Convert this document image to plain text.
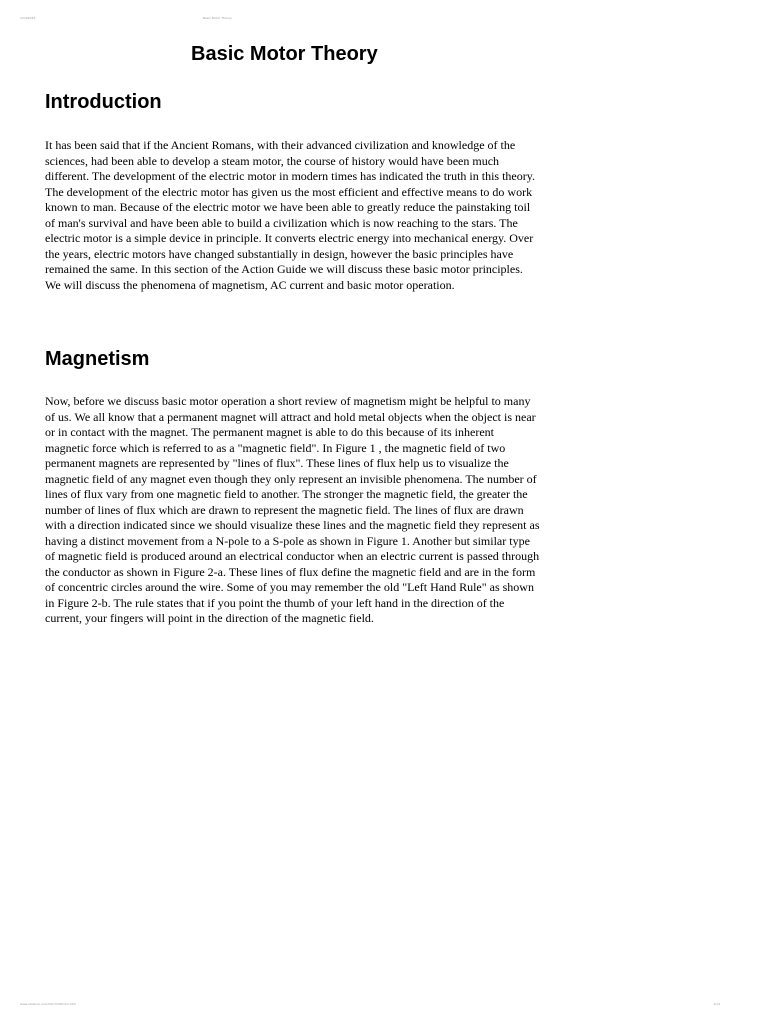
12/4/2015	Basic Motor Theory
Basic Motor Theory
Introduction

It has been said that if the Ancient Romans, with their advanced civilization and knowledge of the sciences, had been able to develop a steam motor, the course of history would have been much different. The development of the electric motor in modern times has indicated the truth in this theory. The development of the electric motor has given us the most efficient and effective means to do work known to man. Because of the electric motor we have been able to greatly reduce the painstaking toil of man's survival and have been able to build a civilization which is now reaching to the stars. The electric motor is a simple device in principle. It converts electric energy into mechanical energy. Over the years, electric motors have changed substantially in design, however the basic principles have remained the same. In this section of the Action Guide we will discuss these basic motor principles. We will discuss the phenomena of magnetism, AC current and basic motor operation.

Magnetism

Now, before we discuss basic motor operation a short review of magnetism might be helpful to many of us. We all know that a permanent magnet will attract and hold metal objects when the object is near or in contact with the magnet. The permanent magnet is able to do this because of its inherent magnetic force which is referred to as a "magnetic field". In Figure 1 , the magnetic field of two permanent magnets are represented by "lines of flux". These lines of flux help us to visualize the magnetic field of any magnet even though they only represent an invisible phenomena. The number of lines of flux vary from one magnetic field to another. The stronger the magnetic field, the greater the number of lines of flux which are drawn to represent the magnetic field. The lines of flux are drawn with a direction indicated since we should visualize these lines and the magnetic field they represent as having a distinct movement from a N-pole to a S-pole as shown in Figure 1. Another but similar type of magnetic field is produced around an electrical conductor when an electric current is passed through the conductor as shown in Figure 2-a. These lines of flux define the magnetic field and are in the form of concentric circles around the wire. Some of you may remember the old "Left Hand Rule" as shown in Figure 2-b. The rule states that if you point the thumb of your left hand in the direction of the current, your fingers will point in the direction of the magnetic field.

www.reliance.com/mtr/mtrthrmn.htm	1/14
